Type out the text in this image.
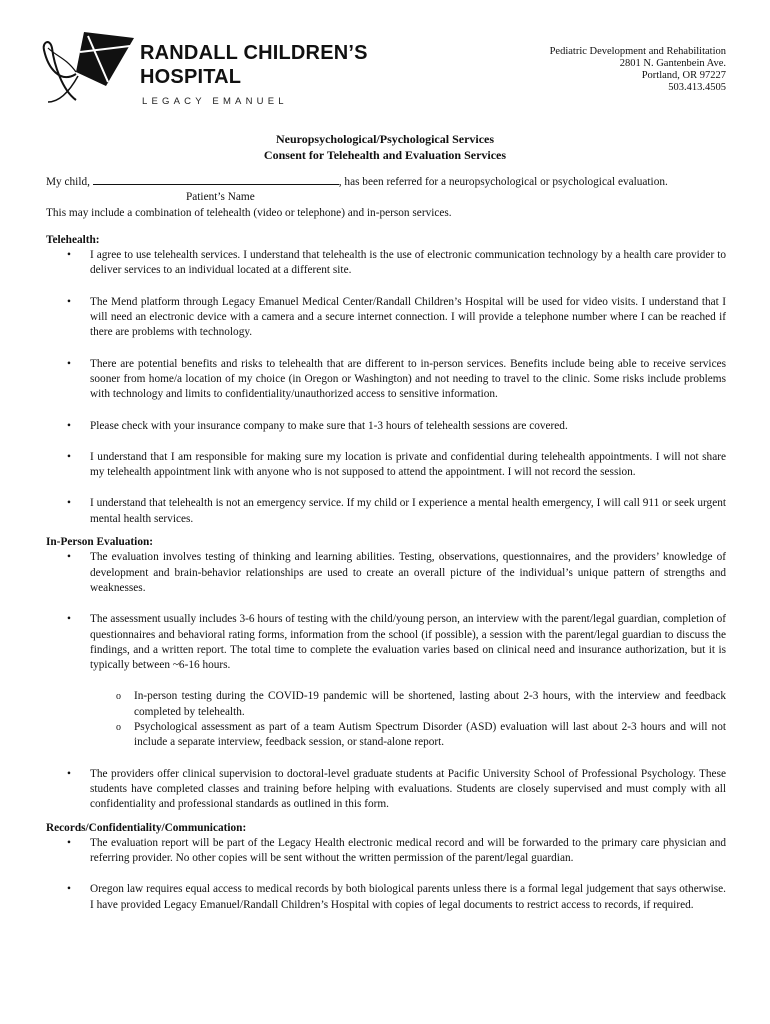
RANDALL CHILDREN’S
HOSPITAL
LEGACY EMANUEL
Pediatric Development and Rehabilitation
2801 N. Gantenbein Ave.
Portland, OR 97227
503.413.4505
Neuropsychological/Psychological Services
Consent for Telehealth and Evaluation Services

My child,	, has been referred for a neuropsychological or psychological evaluation.

Patient’s Name

This may include a combination of telehealth (video or telephone) and in-person services.

Telehealth:

• I agree to use telehealth services. I understand that telehealth is the use of electronic communication technology by a health care provider to deliver services to an individual located at a different site.
• The Mend platform through Legacy Emanuel Medical Center/Randall Children’s Hospital will be used for video visits. I understand that I will need an electronic device with a camera and a secure internet connection. I will provide a telephone number where I can be reached if there are problems with technology.
• There are potential benefits and risks to telehealth that are different to in-person services. Benefits include being able to receive services sooner from home/a location of my choice (in Oregon or Washington) and not needing to travel to the clinic. Some risks include problems with technology and limits to confidentiality/unauthorized access to sensitive information.
• Please check with your insurance company to make sure that 1-3 hours of telehealth sessions are covered.
• I understand that I am responsible for making sure my location is private and confidential during telehealth appointments. I will not share my telehealth appointment link with anyone who is not supposed to attend the appointment. I will not record the session.
• I understand that telehealth is not an emergency service. If my child or I experience a mental health emergency, I will call 911 or seek urgent mental health services.

In-Person Evaluation:

• The evaluation involves testing of thinking and learning abilities. Testing, observations, questionnaires, and the providers’ knowledge of development and brain-behavior relationships are used to create an overall picture of the individual’s unique pattern of strengths and weaknesses.
• The assessment usually includes 3-6 hours of testing with the child/young person, an interview with the parent/legal guardian, completion of questionnaires and behavioral rating forms, information from the school (if possible), a session with the parent/legal guardian to discuss the findings, and a written report. The total time to complete the evaluation varies based on clinical need and insurance authorization, but it is typically between ~6-16 hours.
o In-person testing during the COVID-19 pandemic will be shortened, lasting about 2-3 hours, with the interview and feedback completed by telehealth.
o Psychological assessment as part of a team Autism Spectrum Disorder (ASD) evaluation will last about 2-3 hours and will not include a separate interview, feedback session, or stand-alone report.
• The providers offer clinical supervision to doctoral-level graduate students at Pacific University School of Professional Psychology. These students have completed classes and training before helping with evaluations. Students are closely supervised and must comply with all confidentiality and professional standards as outlined in this form.

Records/Confidentiality/Communication:

• The evaluation report will be part of the Legacy Health electronic medical record and will be forwarded to the primary care physician and referring provider. No other copies will be sent without the written permission of the parent/legal guardian.
• Oregon law requires equal access to medical records by both biological parents unless there is a formal legal judgement that says otherwise. I have provided Legacy Emanuel/Randall Children’s Hospital with copies of legal documents to restrict access to records, if required.
